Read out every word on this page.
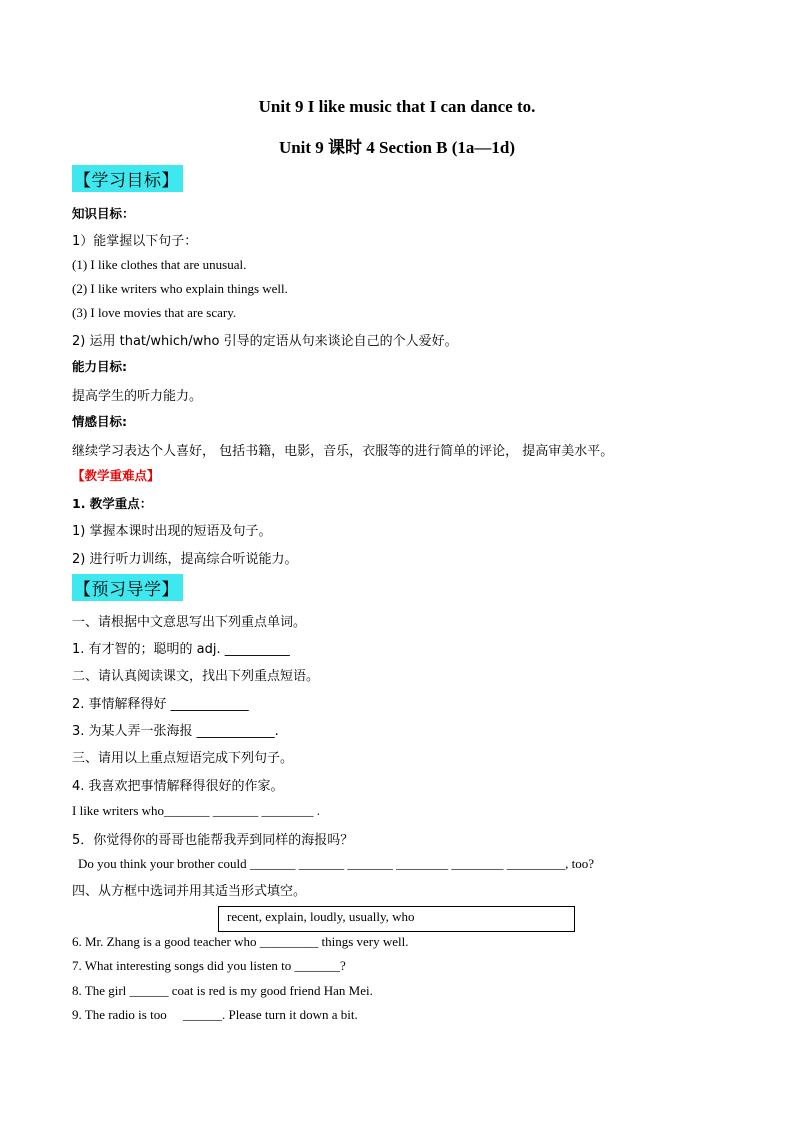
Unit 9 I like music that I can dance to.
Unit 9 课时 4 Section B (1a—1d)
【学习目标】
知识目标：
1）能掌握以下句子：
(1) I like clothes that are unusual.
(2) I like writers who explain things well.
(3) I love movies that are scary.
2) 运用 that/which/who 引导的定语从句来谈论自己的个人爱好。
能力目标:
提高学生的听力能力。
情感目标:
继续学习表达个人喜好， 包括书籍，电影，音乐，衣服等的进行简单的评论， 提高审美水平。
【教学重难点】
1. 教学重点：
1) 掌握本课时出现的短语及句子。
2) 进行听力训练，提高综合听说能力。
【预习导学】
一、请根据中文意思写出下列重点单词。
1. 有才智的；聪明的 adj. __________
二、请认真阅读课文，找出下列重点短语。
2. 事情解释得好 ____________
3. 为某人弄一张海报 ____________.
三、请用以上重点短语完成下列句子。
4. 我喜欢把事情解释得很好的作家。
I like writers who_______ _______ ________ .
5．你觉得你的哥哥也能帮我弄到同样的海报吗？
Do you think your brother could _______ _______ _______ ________ ________ _________, too?
四、从方框中选词并用其适当形式填空。
recent, explain, loudly, usually, who
6. Mr. Zhang is a good teacher who _________ things very well.
7. What interesting songs did you listen to _______?
8. The girl ______ coat is red is my good friend Han Mei.
9. The radio is too     ______. Please turn it down a bit.
